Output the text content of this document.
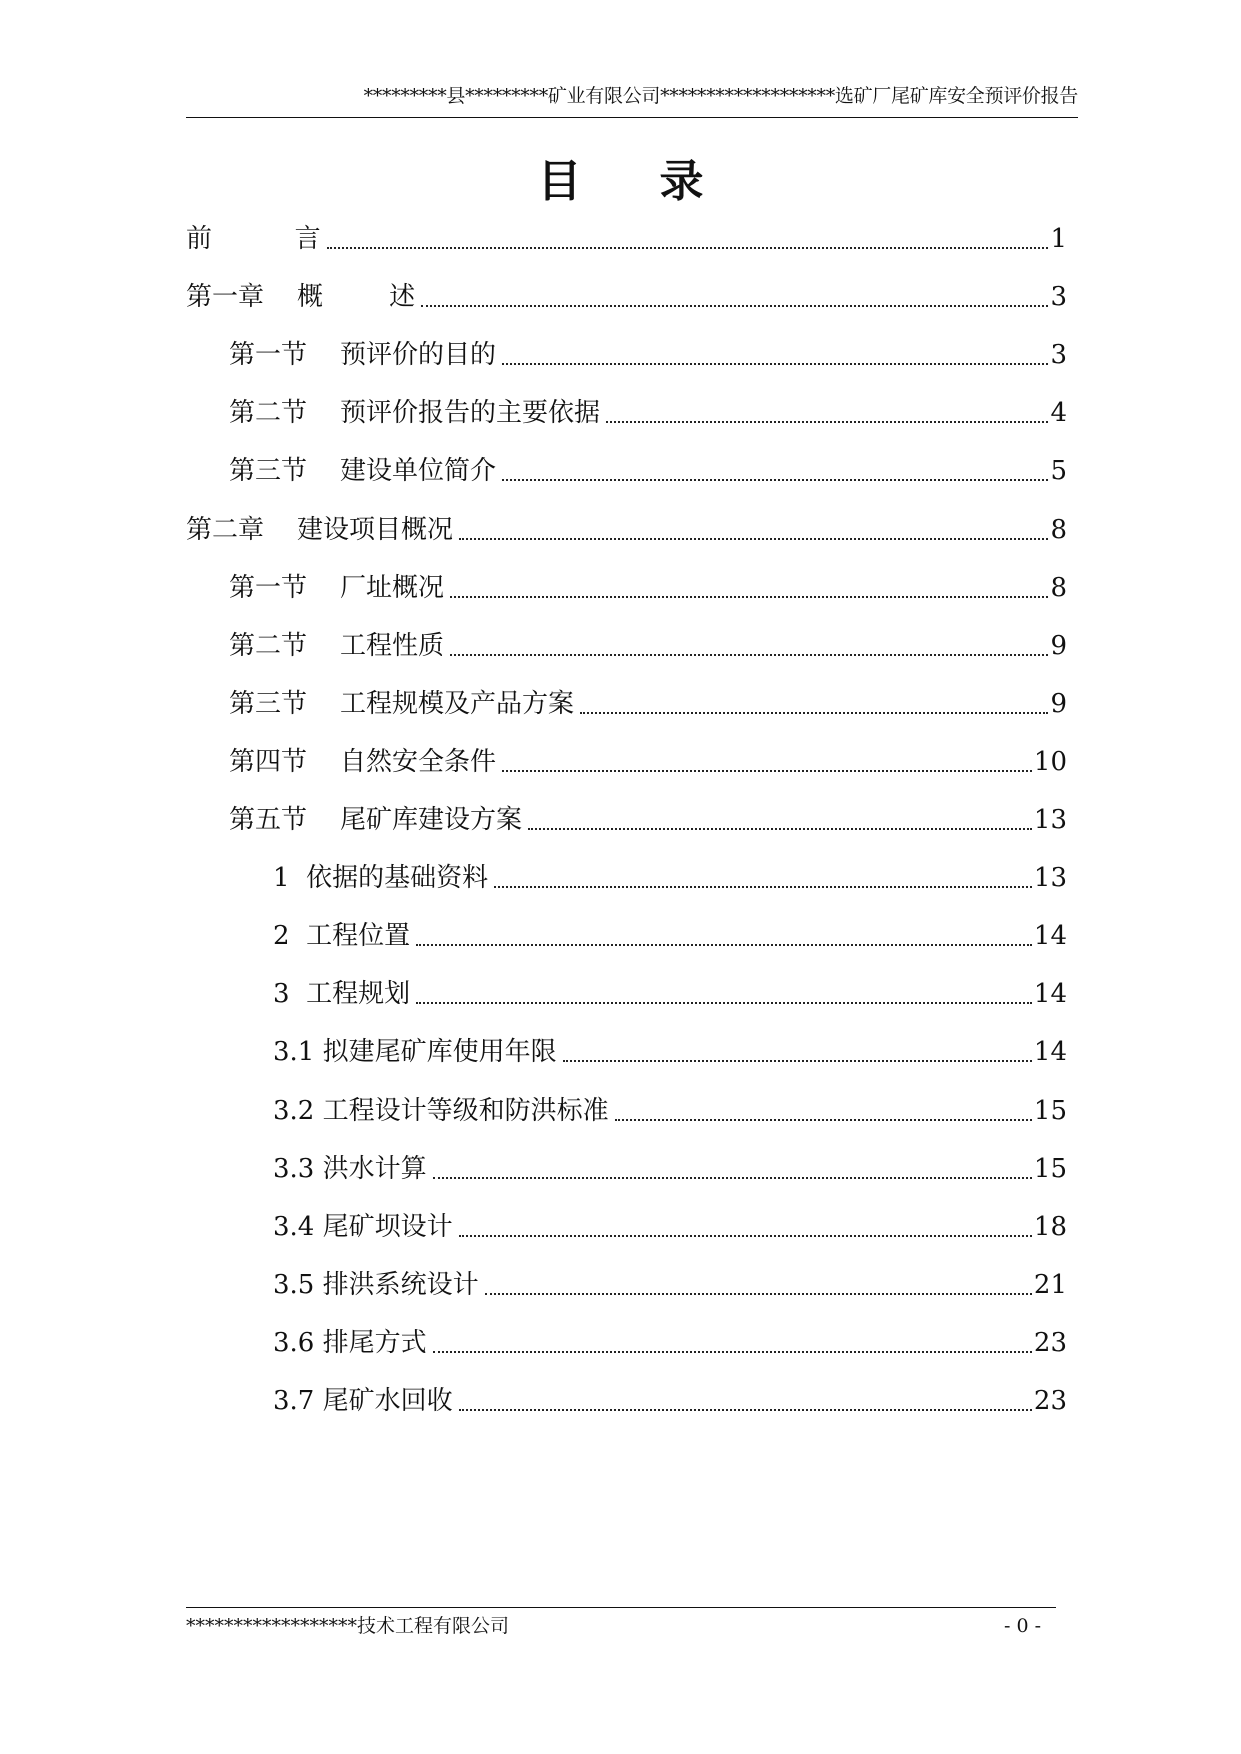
*********县*********矿业有限公司*******************选矿厂尾矿库安全预评价报告
目 录
前          言	1
第一章    概        述	3
第一节    预评价的目的	3
第二节    预评价报告的主要依据	4
第三节    建设单位简介	5
第二章    建设项目概况	8
第一节    厂址概况	8
第二节    工程性质	9
第三节    工程规模及产品方案	9
第四节    自然安全条件	10
第五节    尾矿库建设方案	13
1  依据的基础资料	13
2  工程位置	14
3  工程规划	14
3.1 拟建尾矿库使用年限	14
3.2 工程设计等级和防洪标准	15
3.3 洪水计算	15
3.4 尾矿坝设计	18
3.5 排洪系统设计	21
3.6 排尾方式	23
3.7 尾矿水回收	23
******************技术工程有限公司	- 0 -
